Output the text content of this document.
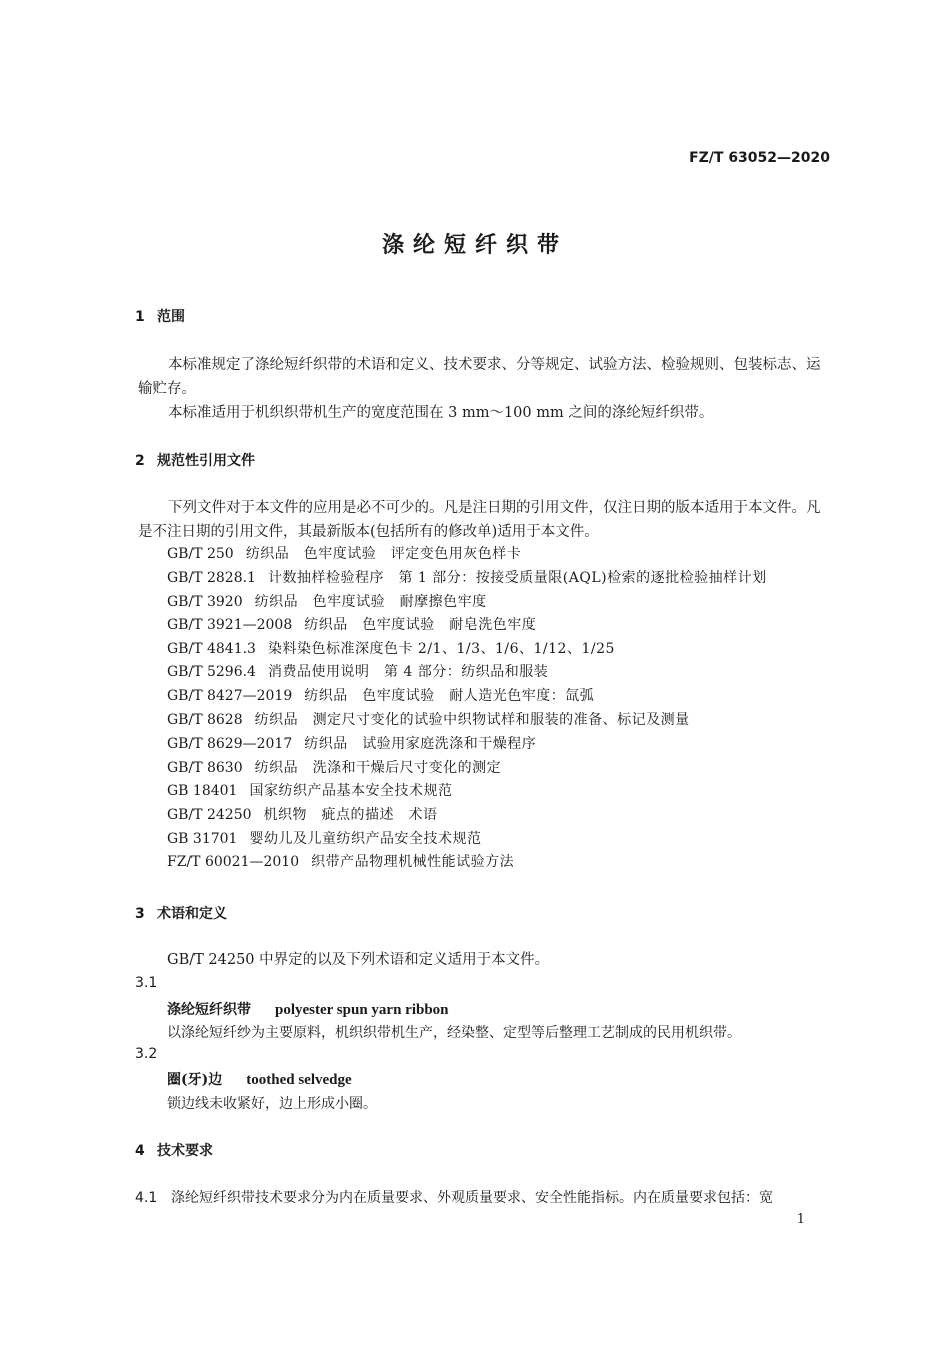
FZ/T 63052—2020
涤纶短纤织带
1 范围
本标准规定了涤纶短纤织带的术语和定义、技术要求、分等规定、试验方法、检验规则、包装标志、运输贮存。
本标准适用于机织织带机生产的宽度范围在 3 mm～100 mm 之间的涤纶短纤织带。
2 规范性引用文件
下列文件对于本文件的应用是必不可少的。凡是注日期的引用文件，仅注日期的版本适用于本文件。凡是不注日期的引用文件，其最新版本(包括所有的修改单)适用于本文件。
GB/T 250 纺织品　色牢度试验　评定变色用灰色样卡
GB/T 2828.1 计数抽样检验程序　第 1 部分：按接受质量限(AQL)检索的逐批检验抽样计划
GB/T 3920 纺织品　色牢度试验　耐摩擦色牢度
GB/T 3921—2008 纺织品　色牢度试验　耐皂洗色牢度
GB/T 4841.3 染料染色标准深度色卡 2/1、1/3、1/6、1/12、1/25
GB/T 5296.4 消费品使用说明　第 4 部分：纺织品和服装
GB/T 8427—2019 纺织品　色牢度试验　耐人造光色牢度：氙弧
GB/T 8628 纺织品　测定尺寸变化的试验中织物试样和服装的准备、标记及测量
GB/T 8629—2017 纺织品　试验用家庭洗涤和干燥程序
GB/T 8630 纺织品　洗涤和干燥后尺寸变化的测定
GB 18401 国家纺织产品基本安全技术规范
GB/T 24250 机织物　疵点的描述　术语
GB 31701 婴幼儿及儿童纺织产品安全技术规范
FZ/T 60021—2010 织带产品物理机械性能试验方法
3 术语和定义
GB/T 24250 中界定的以及下列术语和定义适用于本文件。
3.1
涤纶短纤织带 polyester spun yarn ribbon
以涤纶短纤纱为主要原料，机织织带机生产，经染整、定型等后整理工艺制成的民用机织带。
3.2
圈(牙)边 toothed selvedge
锁边线未收紧好，边上形成小圈。
4 技术要求
4.1 涤纶短纤织带技术要求分为内在质量要求、外观质量要求、安全性能指标。内在质量要求包括：宽
1
